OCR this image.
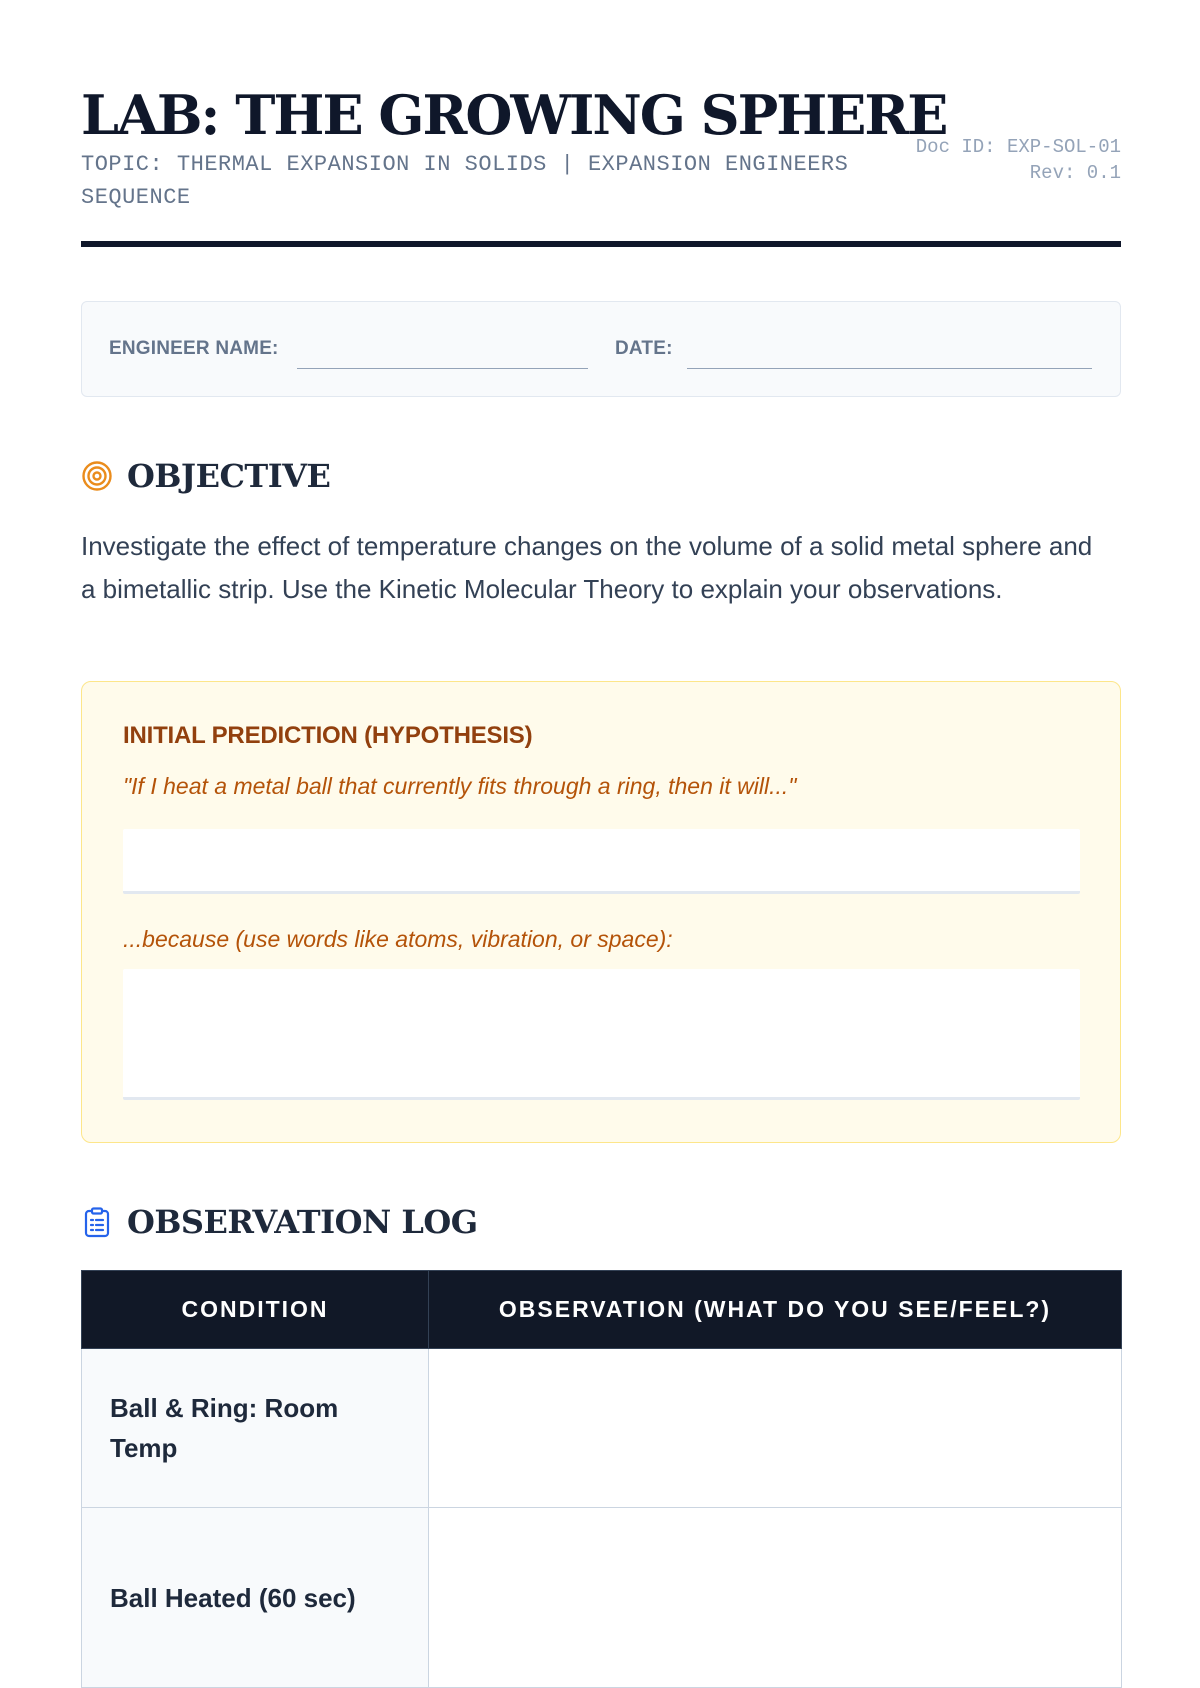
LAB: THE GROWING SPHERE
TOPIC: THERMAL EXPANSION IN SOLIDS | EXPANSION ENGINEERS SEQUENCE
Doc ID: EXP-SOL-01
Rev: 0.1
ENGINEER NAME:	DATE:
OBJECTIVE
Investigate the effect of temperature changes on the volume of a solid metal sphere and a bimetallic strip. Use the Kinetic Molecular Theory to explain your observations.
INITIAL PREDICTION (HYPOTHESIS)
"If I heat a metal ball that currently fits through a ring, then it will..."
...because (use words like atoms, vibration, or space):
OBSERVATION LOG
CONDITION	OBSERVATION (WHAT DO YOU SEE/FEEL?)
Ball & Ring: Room Temp	
Ball Heated (60 sec)	
